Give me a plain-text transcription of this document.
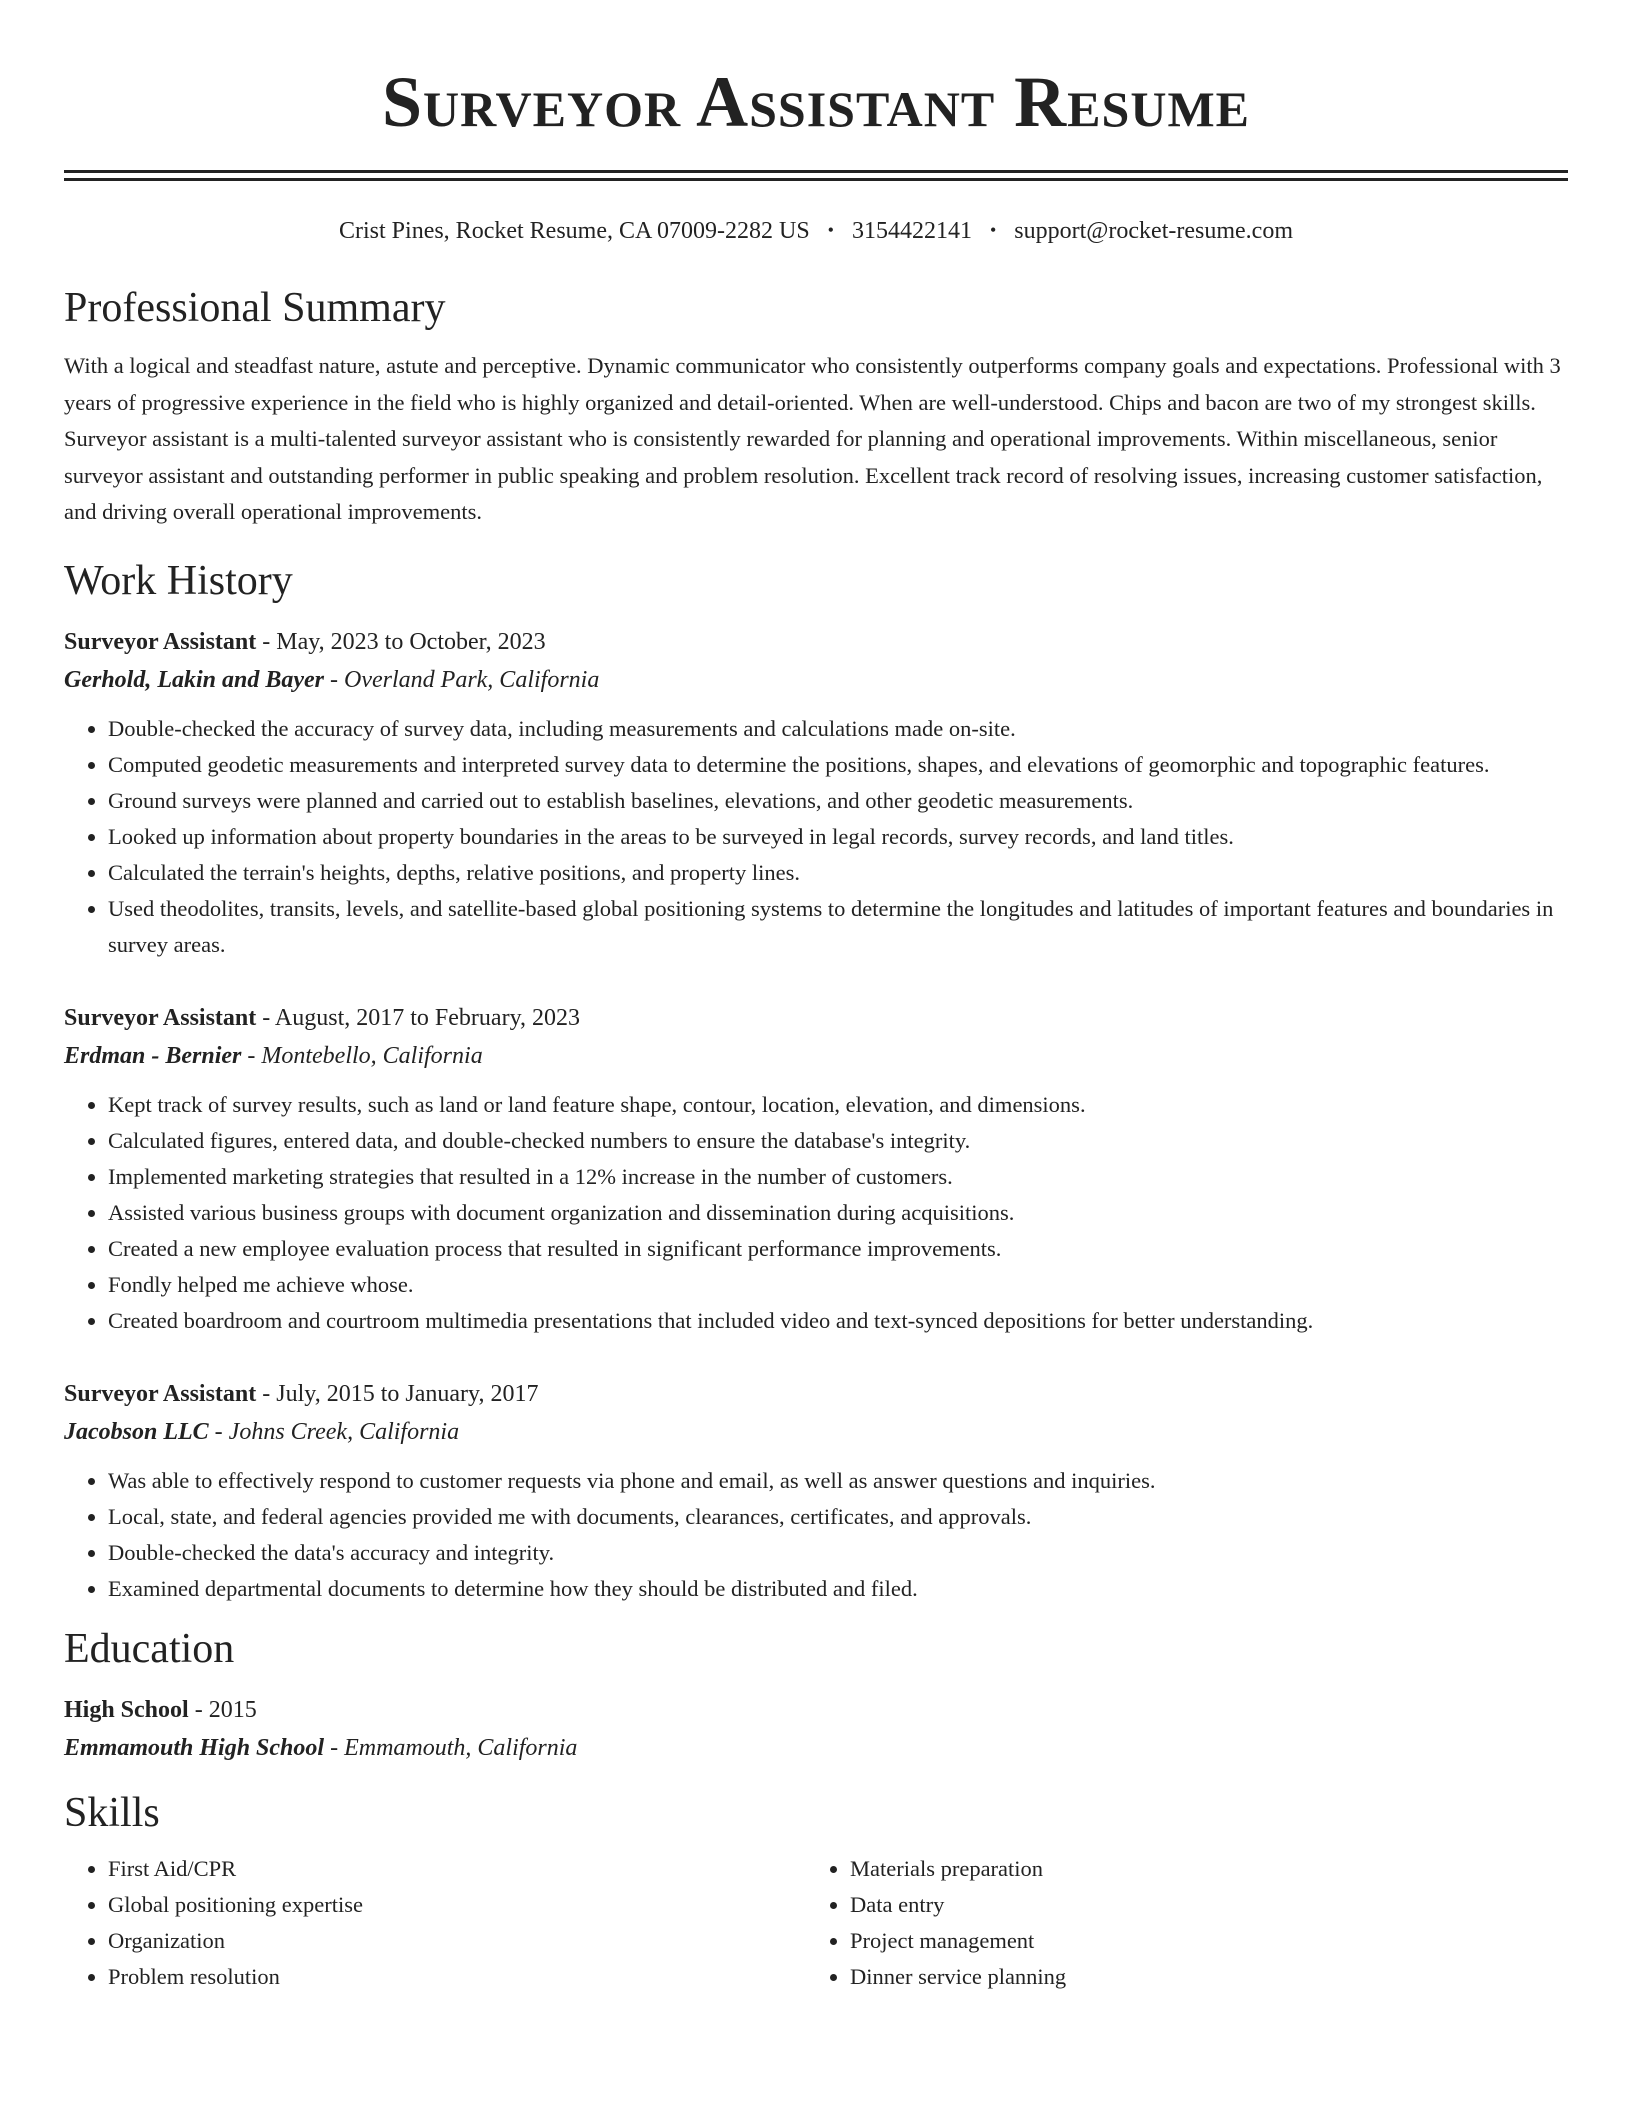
Surveyor Assistant Resume
Crist Pines, Rocket Resume, CA 07009-2282 US • 3154422141 • support@rocket-resume.com
Professional Summary

With a logical and steadfast nature, astute and perceptive. Dynamic communicator who consistently outperforms company goals and expectations. Professional with 3 years of progressive experience in the field who is highly organized and detail-oriented. When are well-understood. Chips and bacon are two of my strongest skills. Surveyor assistant is a multi-talented surveyor assistant who is consistently rewarded for planning and operational improvements. Within miscellaneous, senior surveyor assistant and outstanding performer in public speaking and problem resolution. Excellent track record of resolving issues, increasing customer satisfaction, and driving overall operational improvements.

Work History
Surveyor Assistant - May, 2023 to October, 2023
Gerhold, Lakin and Bayer - Overland Park, California
• Double-checked the accuracy of survey data, including measurements and calculations made on-site.
• Computed geodetic measurements and interpreted survey data to determine the positions, shapes, and elevations of geomorphic and topographic features.
• Ground surveys were planned and carried out to establish baselines, elevations, and other geodetic measurements.
• Looked up information about property boundaries in the areas to be surveyed in legal records, survey records, and land titles.
• Calculated the terrain's heights, depths, relative positions, and property lines.
• Used theodolites, transits, levels, and satellite-based global positioning systems to determine the longitudes and latitudes of important features and boundaries in survey areas.
Surveyor Assistant - August, 2017 to February, 2023
Erdman - Bernier - Montebello, California
• Kept track of survey results, such as land or land feature shape, contour, location, elevation, and dimensions.
• Calculated figures, entered data, and double-checked numbers to ensure the database's integrity.
• Implemented marketing strategies that resulted in a 12% increase in the number of customers.
• Assisted various business groups with document organization and dissemination during acquisitions.
• Created a new employee evaluation process that resulted in significant performance improvements.
• Fondly helped me achieve whose.
• Created boardroom and courtroom multimedia presentations that included video and text-synced depositions for better understanding.
Surveyor Assistant - July, 2015 to January, 2017
Jacobson LLC - Johns Creek, California
• Was able to effectively respond to customer requests via phone and email, as well as answer questions and inquiries.
• Local, state, and federal agencies provided me with documents, clearances, certificates, and approvals.
• Double-checked the data's accuracy and integrity.
• Examined departmental documents to determine how they should be distributed and filed.
Education
High School - 2015
Emmamouth High School - Emmamouth, California
Skills
• First Aid/CPR
• Global positioning expertise
• Organization
• Problem resolution
• Materials preparation
• Data entry
• Project management
• Dinner service planning
